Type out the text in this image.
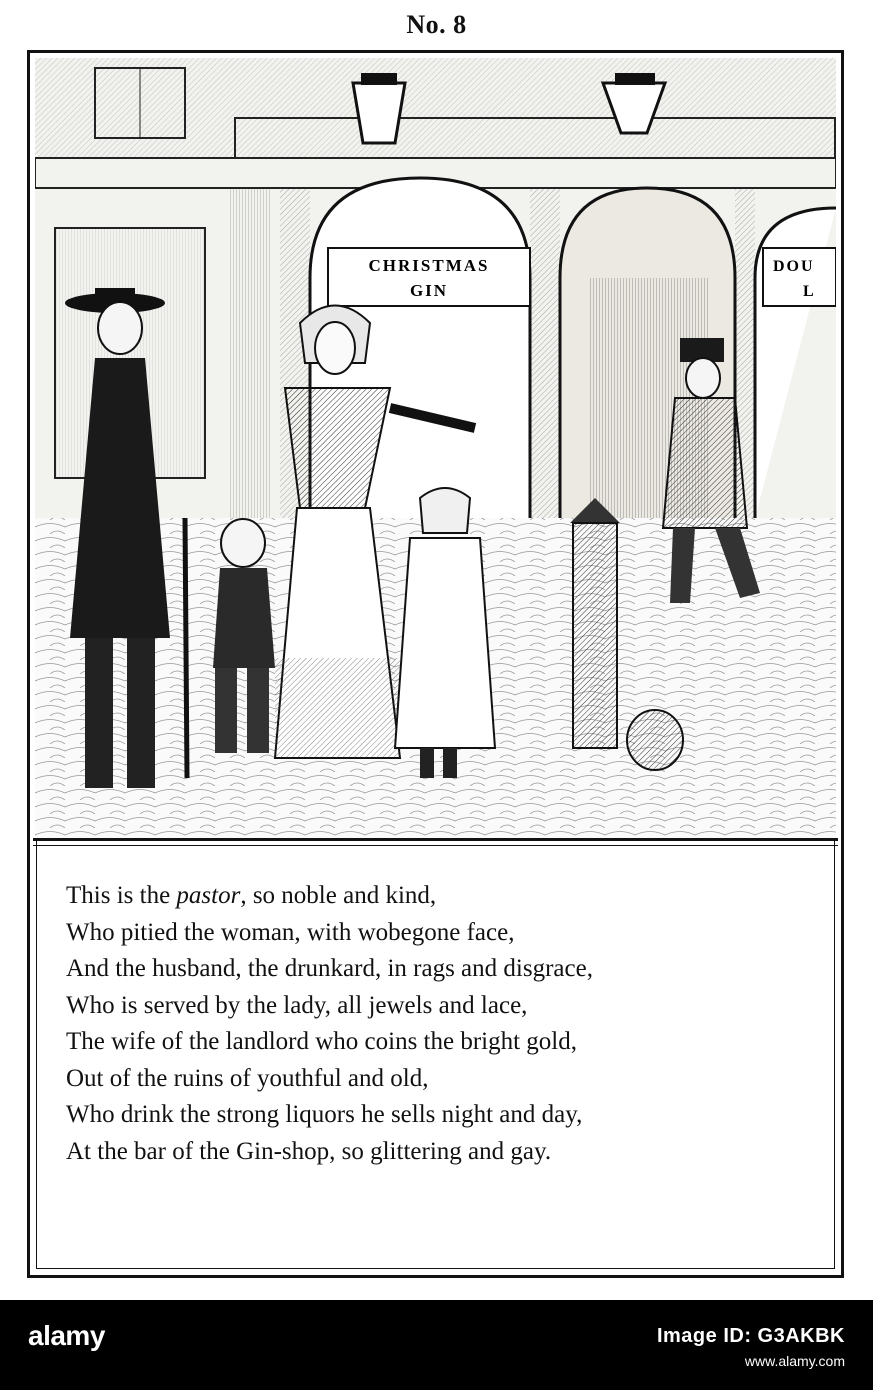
No. 8
CHRISTMAS
GIN
DOU
L
This is the pastor, so noble and kind,
Who pitied the woman, with wobegone face,
And the husband, the drunkard, in rags and disgrace,
Who is served by the lady, all jewels and lace,
The wife of the landlord who coins the bright gold,
Out of the ruins of youthful and old,
Who drink the strong liquors he sells night and day,
At the bar of the Gin-shop, so glittering and gay.
alamy	Image ID: G3AKBK
www.alamy.com
